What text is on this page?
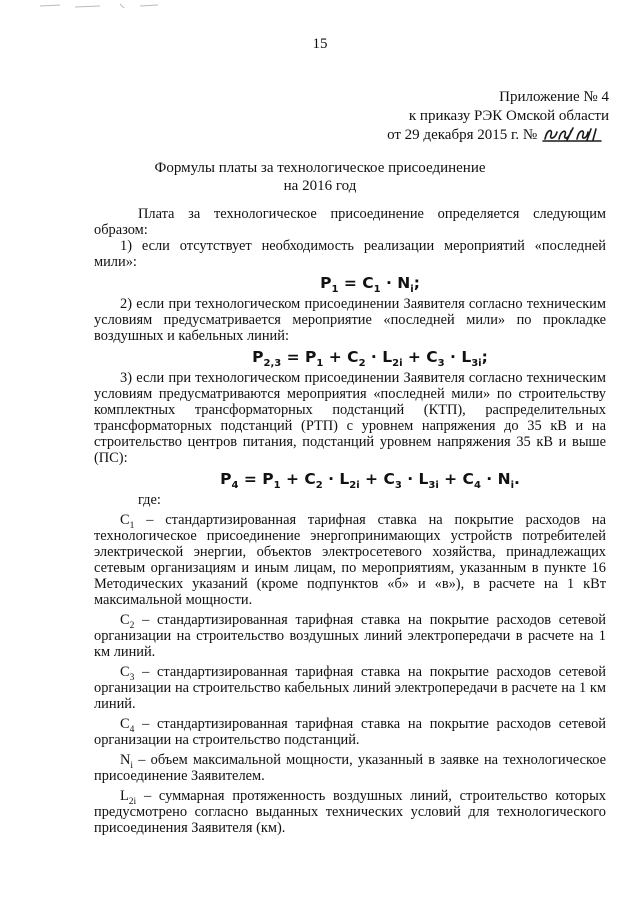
15
Приложение № 4
к приказу РЭК Омской области
от 29 декабря 2015 г. №
Формулы платы за технологическое присоединение
на 2016 год

Плата за технологическое присоединение определяется следующим образом:

1) если отсутствует необходимость реализации мероприятий «последней мили»:

$P_1 = C_1 \cdot N_i$;

2) если при технологическом присоединении Заявителя согласно техническим условиям предусматривается мероприятие «последней мили» по прокладке воздушных и кабельных линий:

$P_{2,3} = P_1 + C_2 \cdot L_{2i} + C_3 \cdot L_{3i}$;

3) если при технологическом присоединении Заявителя согласно техническим условиям предусматриваются мероприятия «последней мили» по строительству комплектных трансформаторных подстанций (КТП), распределительных трансформаторных подстанций (РТП) с уровнем напряжения до 35 кВ и на строительство центров питания, подстанций уровнем напряжения 35 кВ и выше (ПС):

$P_4 = P_1 + C_2 \cdot L_{2i} + C_3 \cdot L_{3i} + C_4 \cdot N_i$.

где:

$C_1$ – стандартизированная тарифная ставка на покрытие расходов на технологическое присоединение энергопринимающих устройств потребителей электрической энергии, объектов электросетевого хозяйства, принадлежащих сетевым организациям и иным лицам, по мероприятиям, указанным в пункте 16 Методических указаний (кроме подпунктов «б» и «в»), в расчете на 1 кВт максимальной мощности.

$C_2$ – стандартизированная тарифная ставка на покрытие расходов сетевой организации на строительство воздушных линий электропередачи в расчете на 1 км линий.

$C_3$ – стандартизированная тарифная ставка на покрытие расходов сетевой организации на строительство кабельных линий электропередачи в расчете на 1 км линий.

$C_4$ – стандартизированная тарифная ставка на покрытие расходов сетевой организации на строительство подстанций.

$N_i$ – объем максимальной мощности, указанный в заявке на технологическое присоединение Заявителем.

$L_{2i}$ – суммарная протяженность воздушных линий, строительство которых предусмотрено согласно выданных технических условий для технологического присоединения Заявителя (км).
